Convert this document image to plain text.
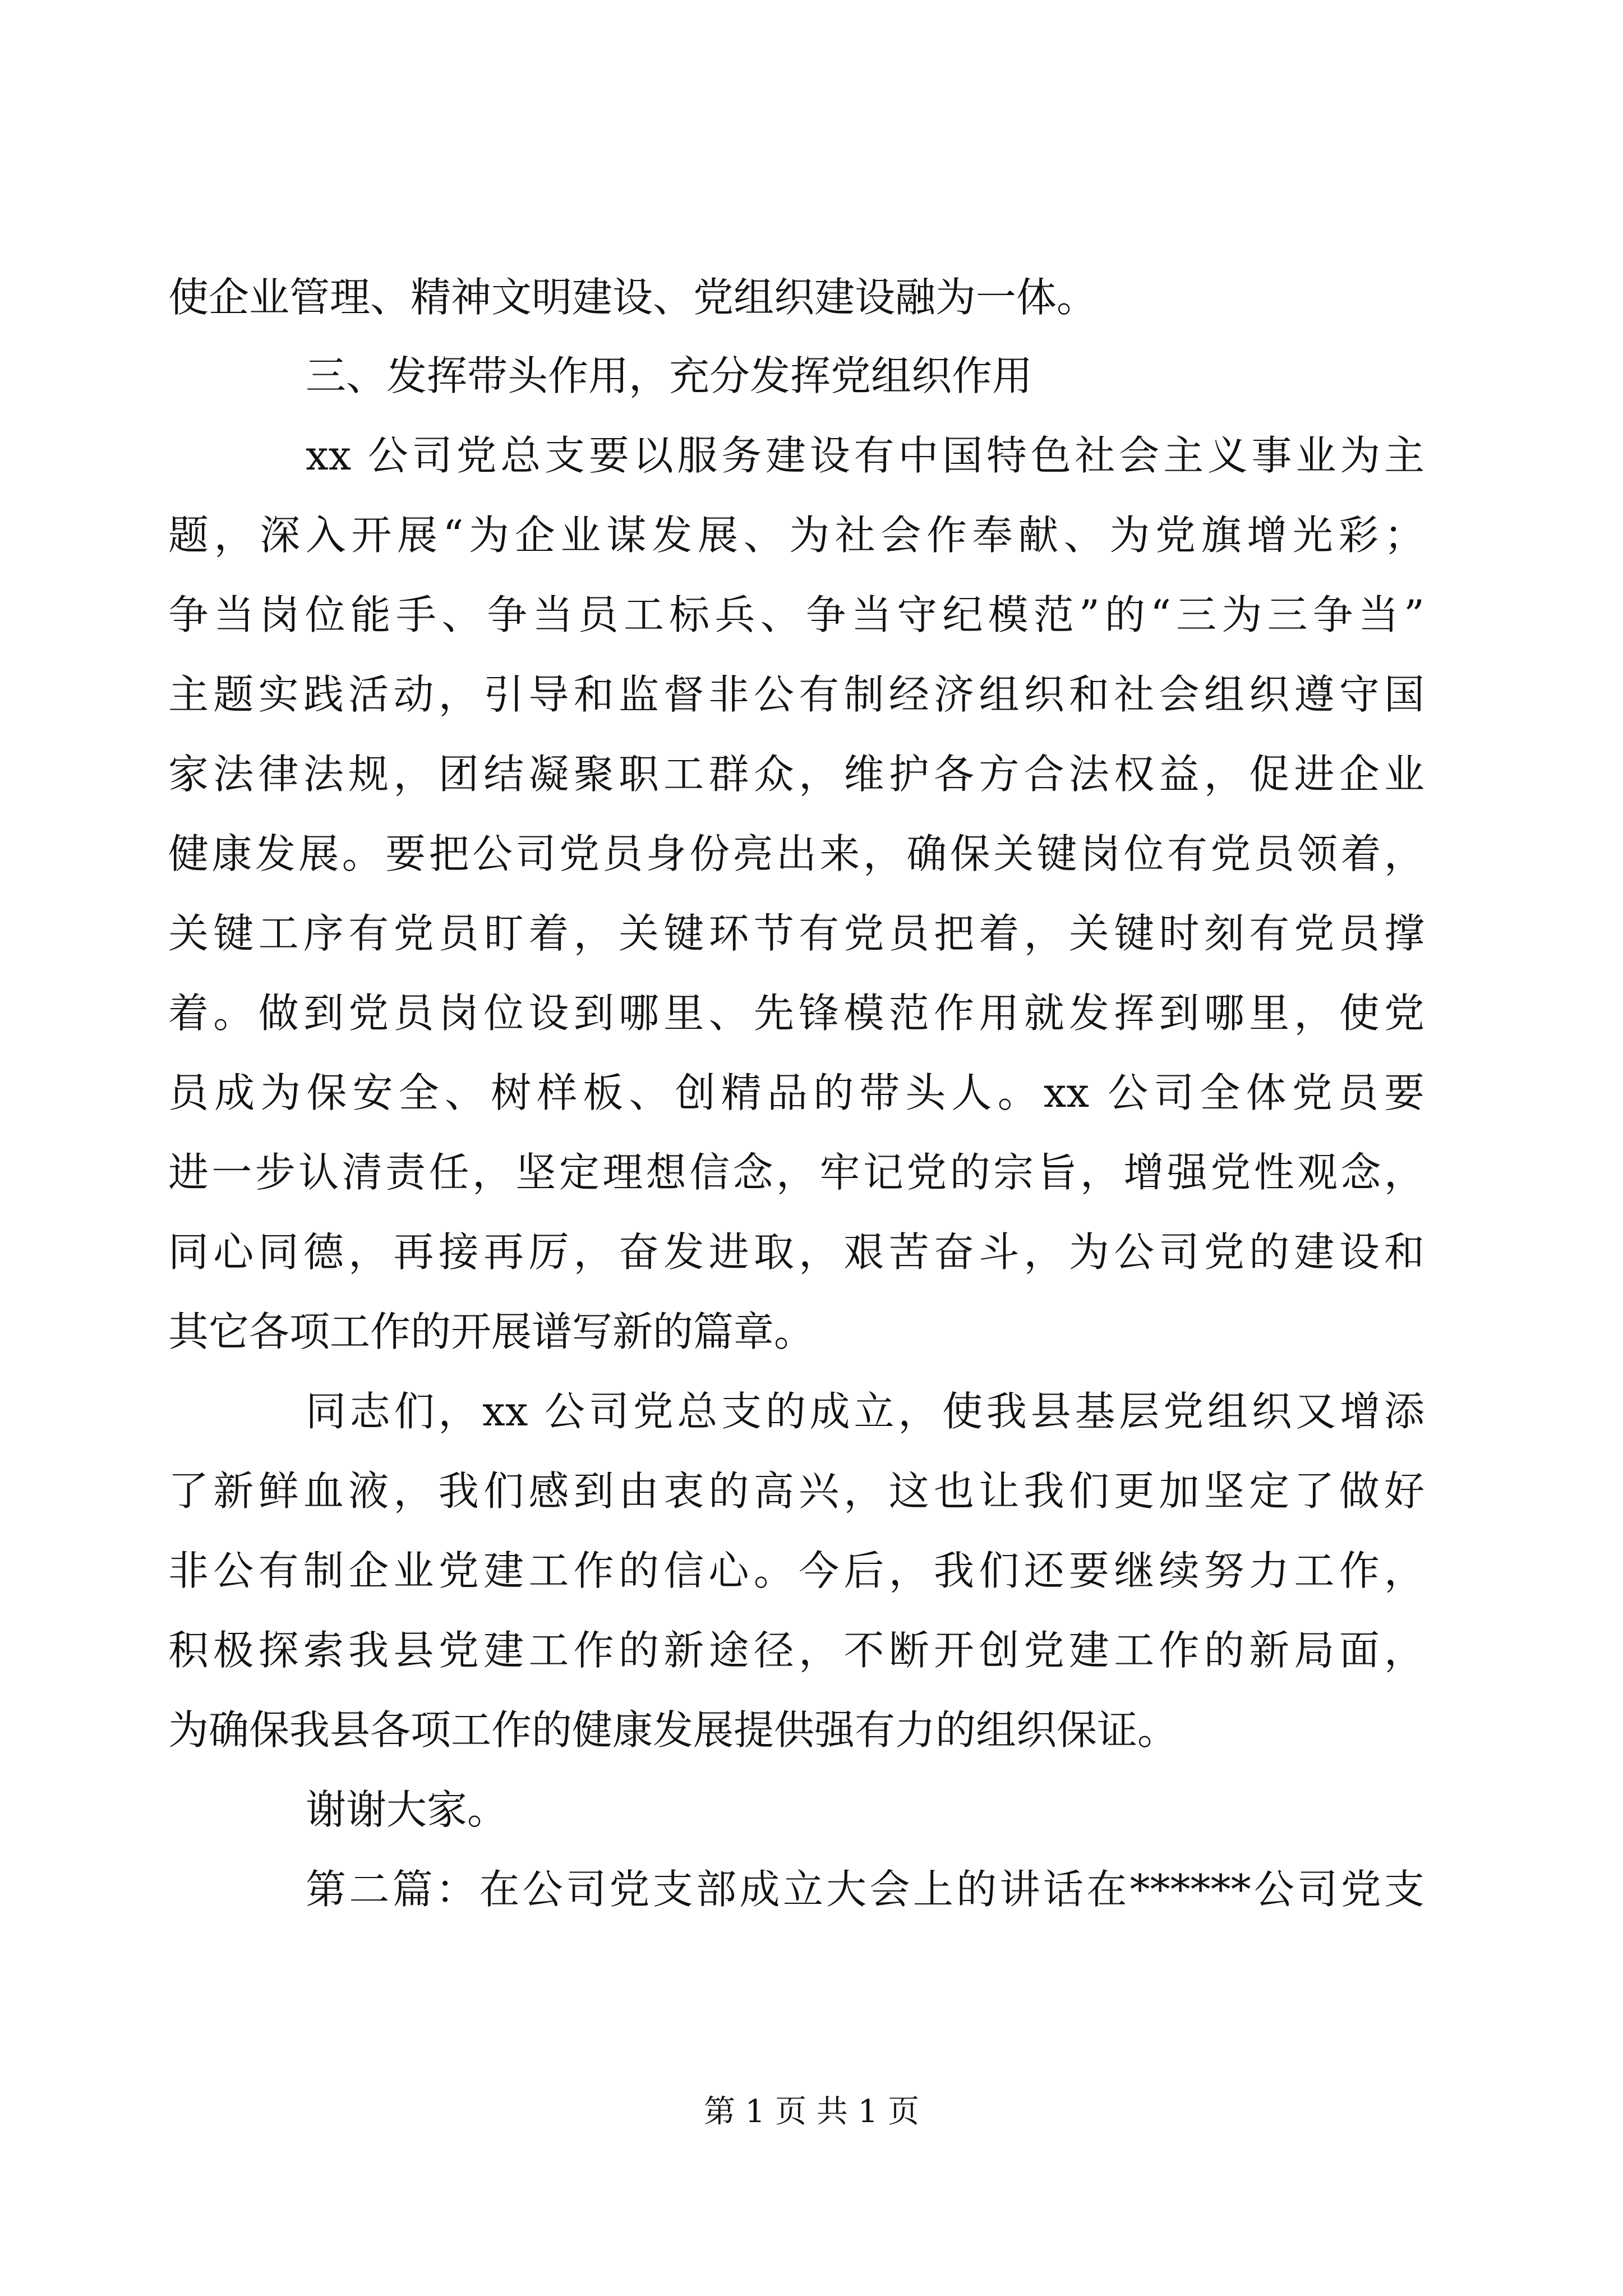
使企业管理、精神文明建设、党组织建设融为一体。
三、发挥带头作用，充分发挥党组织作用
xx 公司党总支要以服务建设有中国特色社会主义事业为主
题，深入开展“为企业谋发展、为社会作奉献、为党旗增光彩；
争当岗位能手、争当员工标兵、争当守纪模范”的“三为三争当”
主题实践活动，引导和监督非公有制经济组织和社会组织遵守国
家法律法规，团结凝聚职工群众，维护各方合法权益，促进企业
健康发展。要把公司党员身份亮出来，确保关键岗位有党员领着，
关键工序有党员盯着，关键环节有党员把着，关键时刻有党员撑
着。做到党员岗位设到哪里、先锋模范作用就发挥到哪里，使党
员成为保安全、树样板、创精品的带头人。xx 公司全体党员要
进一步认清责任，坚定理想信念，牢记党的宗旨，增强党性观念，
同心同德，再接再厉，奋发进取，艰苦奋斗，为公司党的建设和
其它各项工作的开展谱写新的篇章。
同志们，xx 公司党总支的成立，使我县基层党组织又增添
了新鲜血液，我们感到由衷的高兴，这也让我们更加坚定了做好
非公有制企业党建工作的信心。今后，我们还要继续努力工作，
积极探索我县党建工作的新途径，不断开创党建工作的新局面，
为确保我县各项工作的健康发展提供强有力的组织保证。
谢谢大家。
第二篇：在公司党支部成立大会上的讲话在******公司党支
第 1 页 共 1 页
